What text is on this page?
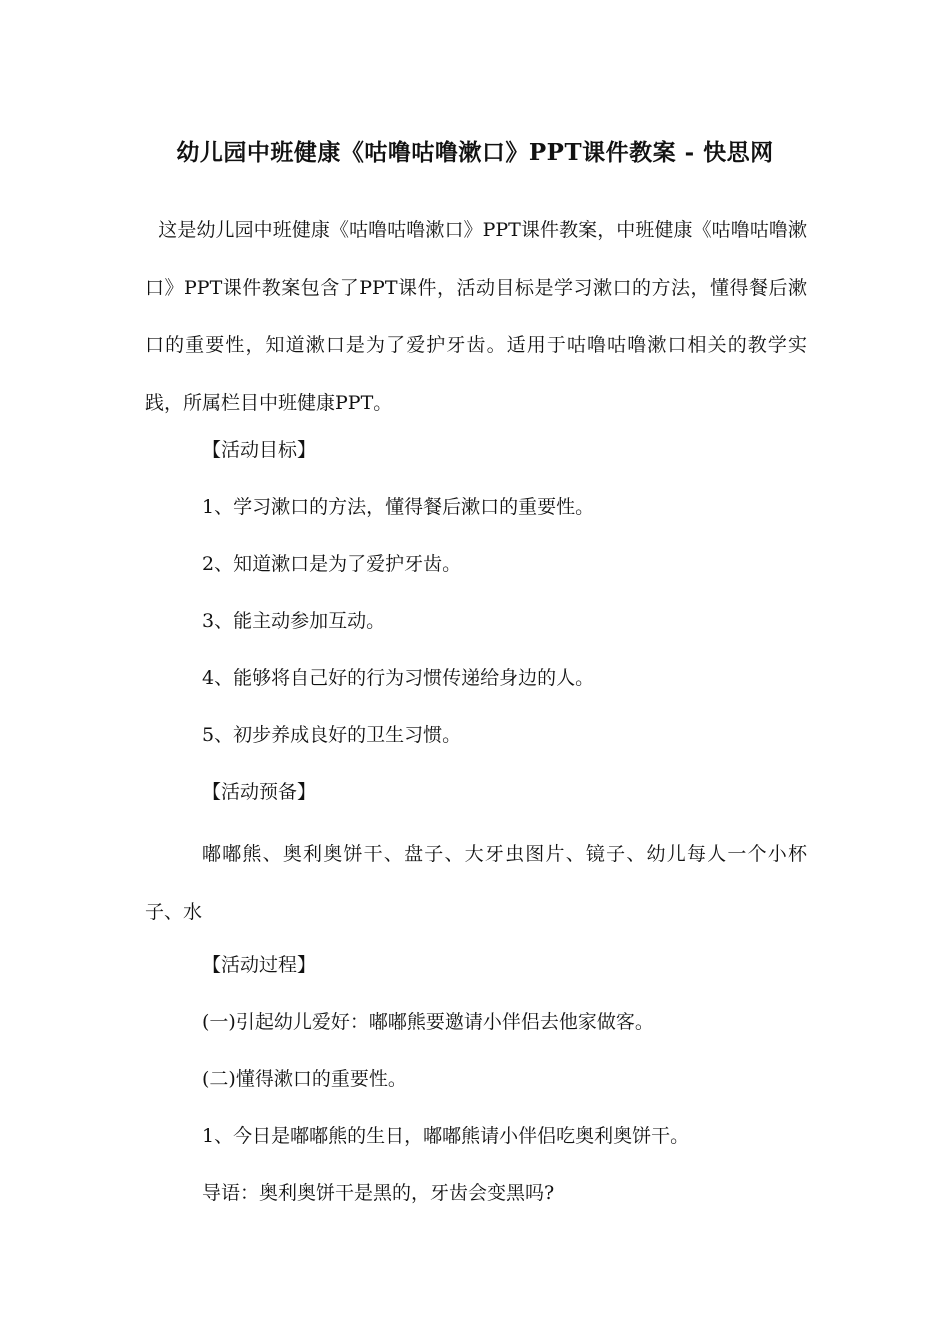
幼儿园中班健康《咕噜咕噜漱口》PPT课件教案 - 快思网

这是幼儿园中班健康《咕噜咕噜漱口》PPT课件教案，中班健康《咕噜咕噜漱口》PPT课件教案包含了PPT课件，活动目标是学习漱口的方法，懂得餐后漱口的重要性，知道漱口是为了爱护牙齿。适用于咕噜咕噜漱口相关的教学实践，所属栏目中班健康PPT。

【活动目标】

1、学习漱口的方法，懂得餐后漱口的重要性。

2、知道漱口是为了爱护牙齿。

3、能主动参加互动。

4、能够将自己好的行为习惯传递给身边的人。

5、初步养成良好的卫生习惯。

【活动预备】

嘟嘟熊、奥利奥饼干、盘子、大牙虫图片、镜子、幼儿每人一个小杯子、水

【活动过程】

(一)引起幼儿爱好：嘟嘟熊要邀请小伴侣去他家做客。

(二)懂得漱口的重要性。

1、今日是嘟嘟熊的生日，嘟嘟熊请小伴侣吃奥利奥饼干。

导语：奥利奥饼干是黑的，牙齿会变黑吗?
